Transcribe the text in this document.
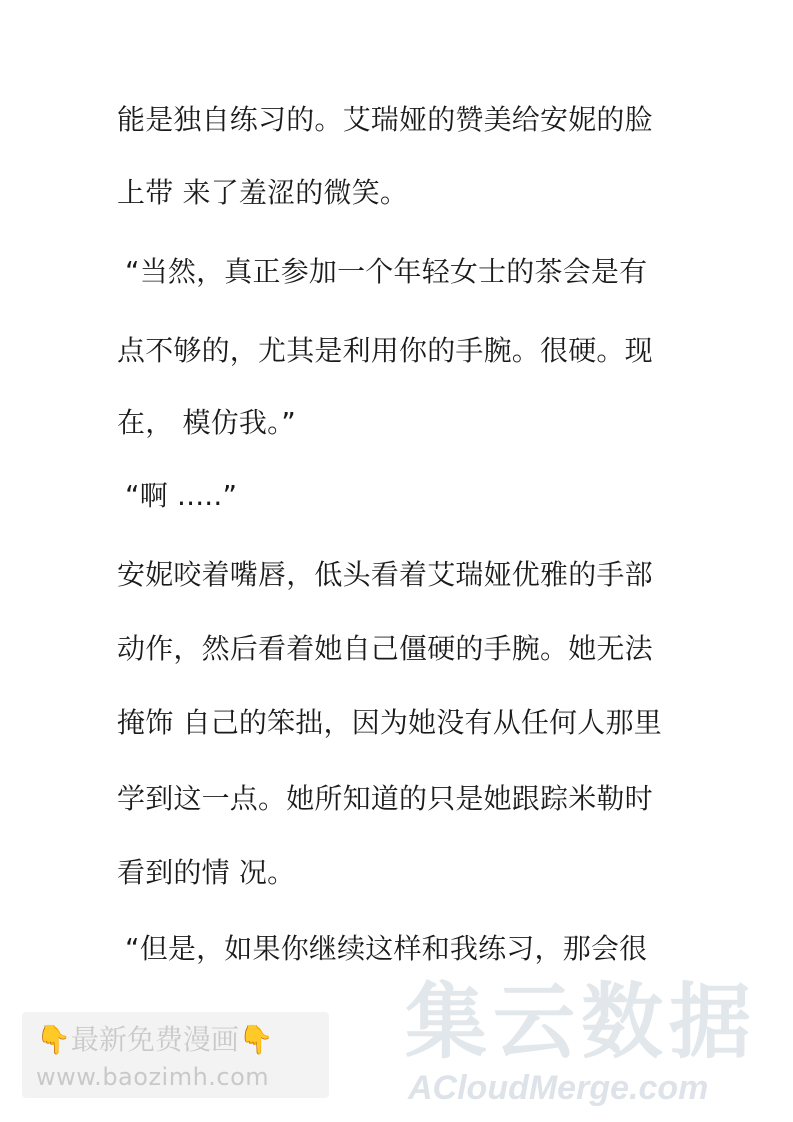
能是独自练习的。艾瑞娅的赞美给安妮的脸
上带 来了羞涩的微笑。
“当然，真正参加一个年轻女士的茶会是有
点不够的，尤其是利用你的手腕。很硬。现
在， 模仿我。”
“啊 .....”
安妮咬着嘴唇，低头看着艾瑞娅优雅的手部
动作，然后看着她自己僵硬的手腕。她无法
掩饰 自己的笨拙，因为她没有从任何人那里
学到这一点。她所知道的只是她跟踪米勒时
看到的情 况。
“但是，如果你继续这样和我练习，那会很
👇最新免费漫画👇
www.baozimh.com
集云数据
ACloudMerge.com
